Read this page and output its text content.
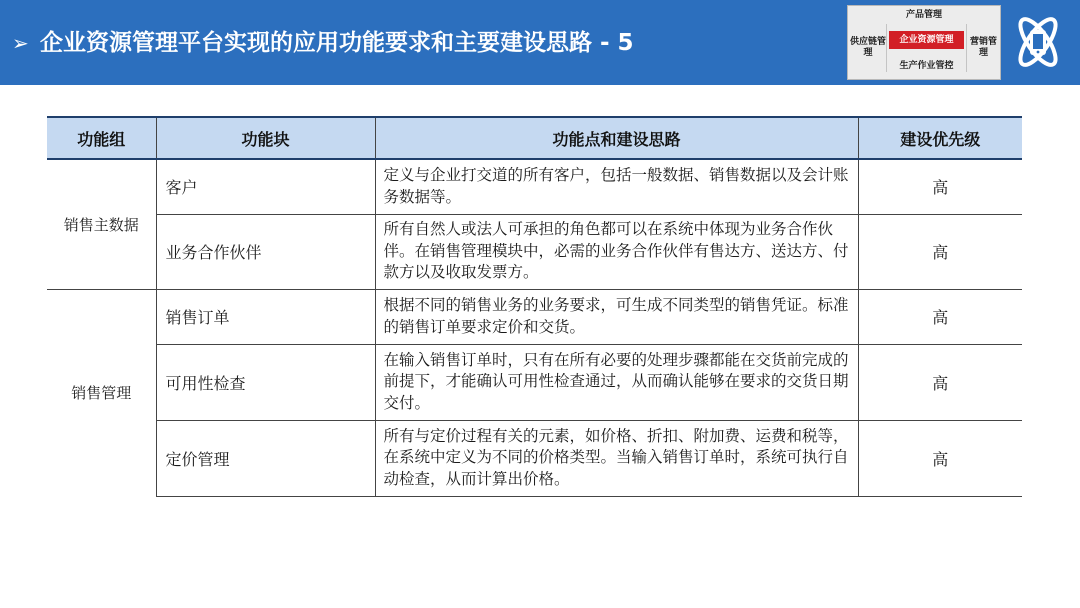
➢ 企业资源管理平台实现的应用功能要求和主要建设思路 - 5
产品管理
供应链管理
企业资源管理
生产作业管控
营销管理
功能组	功能块	功能点和建设思路	建设优先级
销售主数据	客户	定义与企业打交道的所有客户，包括一般数据、销售数据以及会计账务数据等。	高
	业务合作伙伴	所有自然人或法人可承担的角色都可以在系统中体现为业务合作伙伴。在销售管理模块中，必需的业务合作伙伴有售达方、送达方、付款方以及收取发票方。	高
销售管理	销售订单	根据不同的销售业务的业务要求，可生成不同类型的销售凭证。标准的销售订单要求定价和交货。	高
	可用性检查	在输入销售订单时，只有在所有必要的处理步骤都能在交货前完成的前提下，才能确认可用性检查通过，从而确认能够在要求的交货日期交付。	高
	定价管理	所有与定价过程有关的元素，如价格、折扣、附加费、运费和税等，在系统中定义为不同的价格类型。当输入销售订单时，系统可执行自动检查，从而计算出价格。	高
